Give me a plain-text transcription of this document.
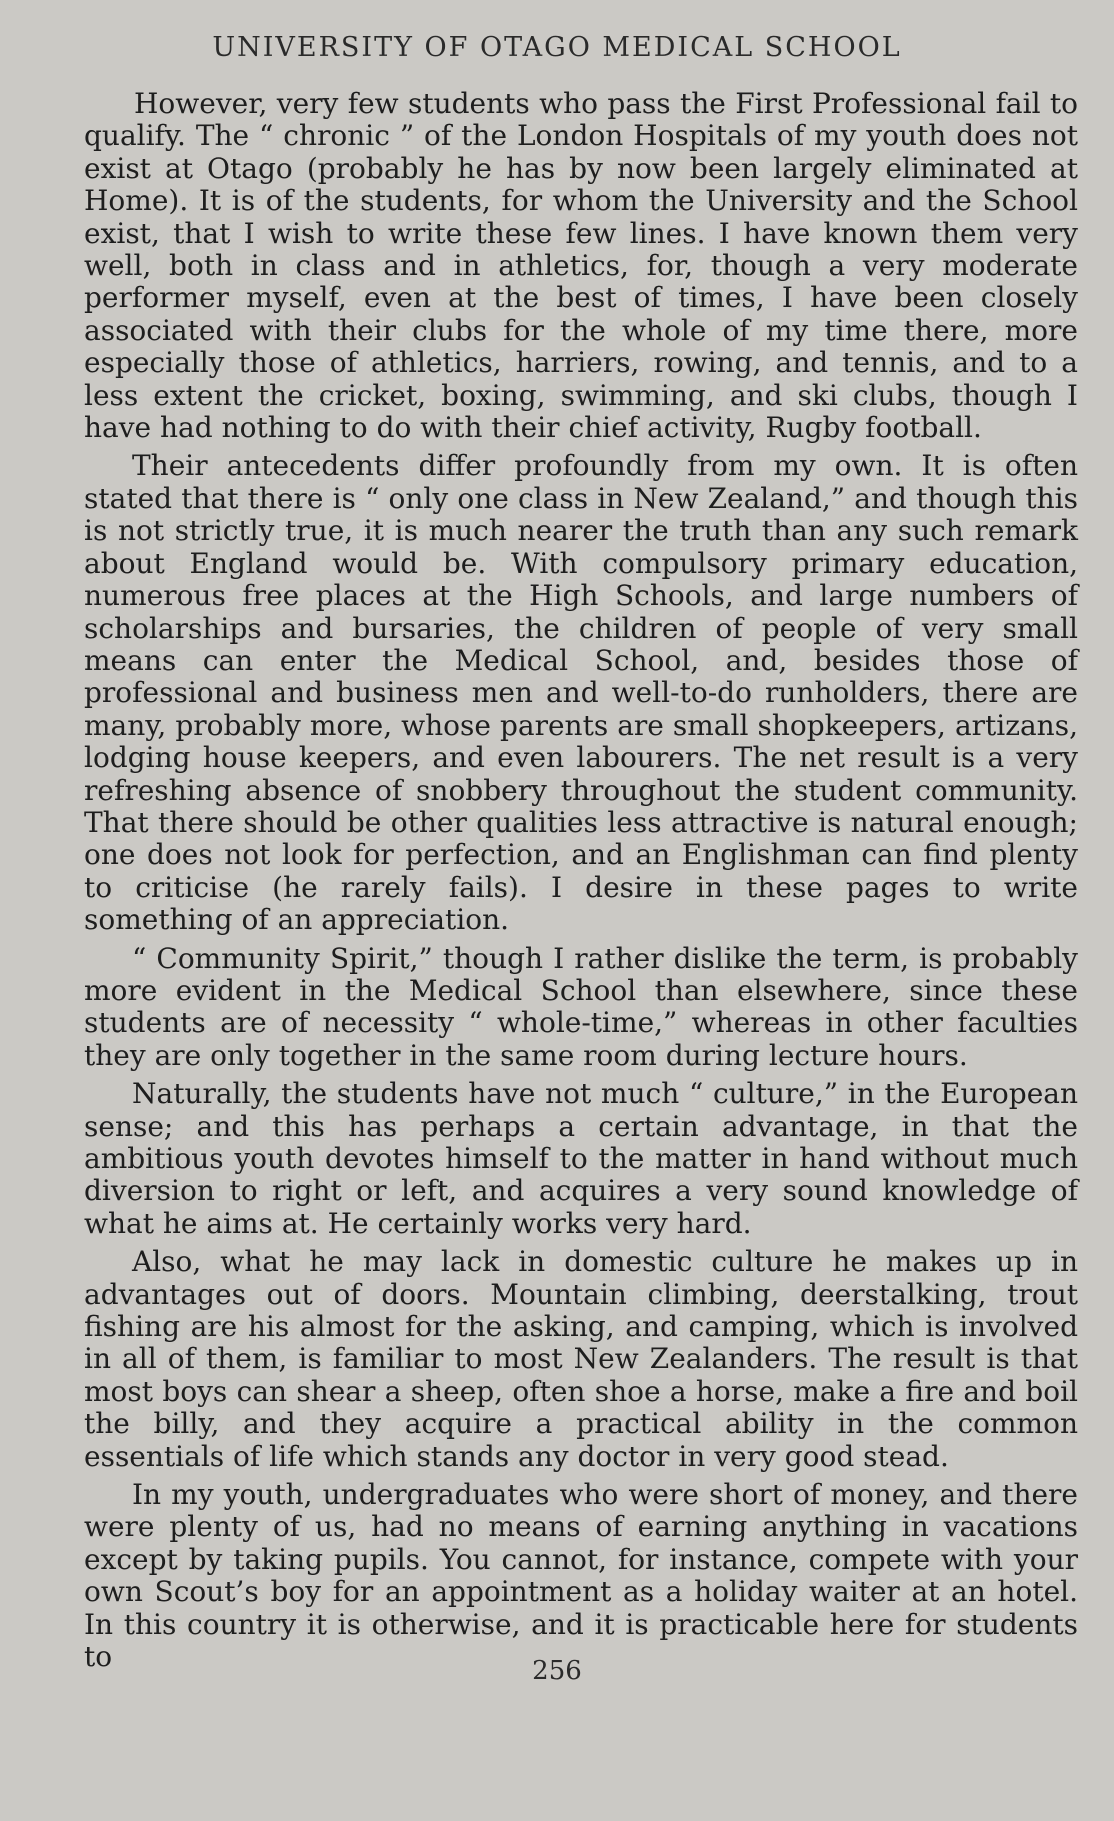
UNIVERSITY OF OTAGO MEDICAL SCHOOL

However, very few students who pass the First Professional fail to qualify. The “ chronic ” of the London Hospitals of my youth does not exist at Otago (probably he has by now been largely eliminated at Home). It is of the students, for whom the University and the School exist, that I wish to write these few lines. I have known them very well, both in class and in athletics, for, though a very moderate performer myself, even at the best of times, I have been closely associated with their clubs for the whole of my time there, more especially those of athletics, harriers, rowing, and tennis, and to a less extent the cricket, boxing, swimming, and ski clubs, though I have had nothing to do with their chief activity, Rugby football.

Their antecedents differ profoundly from my own. It is often stated that there is “ only one class in New Zealand,” and though this is not strictly true, it is much nearer the truth than any such remark about England would be. With compulsory primary education, numerous free places at the High Schools, and large numbers of scholarships and bursaries, the children of people of very small means can enter the Medical School, and, besides those of professional and business men and well-to-do runholders, there are many, probably more, whose parents are small shopkeepers, artizans, lodging house keepers, and even labourers. The net result is a very refreshing absence of snobbery throughout the student community. That there should be other qualities less attractive is natural enough; one does not look for perfection, and an Englishman can find plenty to criticise (he rarely fails). I desire in these pages to write something of an appreciation.

“ Community Spirit,” though I rather dislike the term, is probably more evident in the Medical School than elsewhere, since these students are of necessity “ whole-time,” whereas in other faculties they are only together in the same room during lecture hours.

Naturally, the students have not much “ culture,” in the European sense; and this has perhaps a certain advantage, in that the ambitious youth devotes himself to the matter in hand without much diversion to right or left, and acquires a very sound knowledge of what he aims at. He certainly works very hard.

Also, what he may lack in domestic culture he makes up in advantages out of doors. Mountain climbing, deerstalking, trout fishing are his almost for the asking, and camping, which is involved in all of them, is familiar to most New Zealanders. The result is that most boys can shear a sheep, often shoe a horse, make a fire and boil the billy, and they acquire a practical ability in the common essentials of life which stands any doctor in very good stead.

In my youth, undergraduates who were short of money, and there were plenty of us, had no means of earning anything in vacations except by taking pupils. You cannot, for instance, compete with your own Scout’s boy for an appointment as a holiday waiter at an hotel. In this country it is otherwise, and it is practicable here for students to	256
